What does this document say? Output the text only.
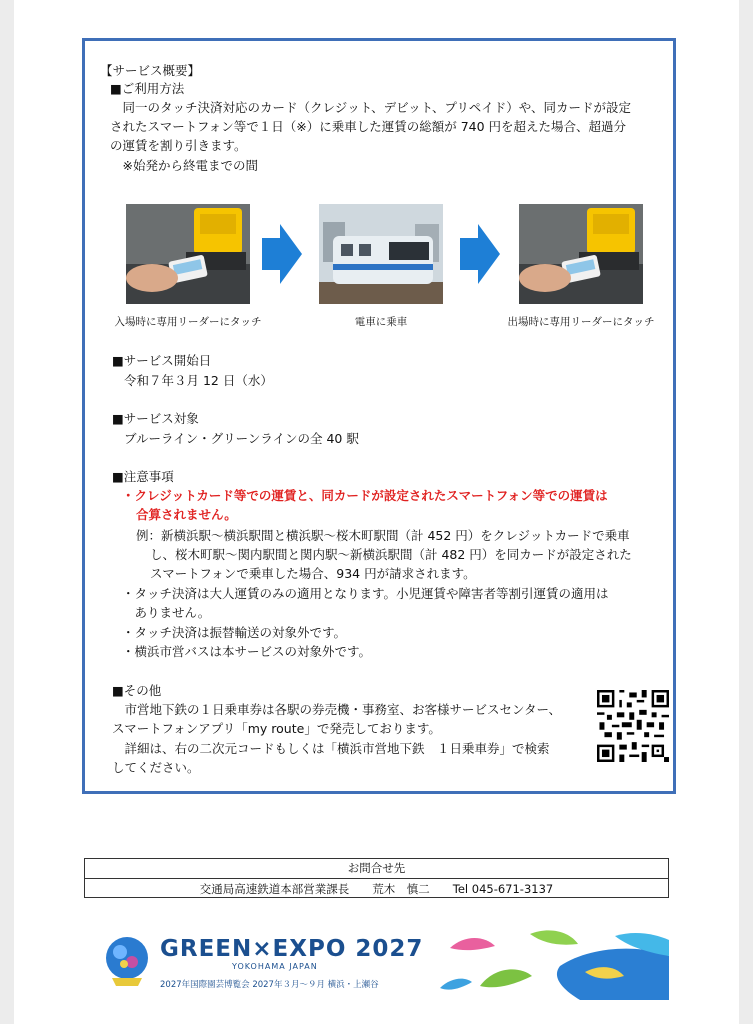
【サービス概要】
■ご利用方法
　同一のタッチ決済対応のカード（クレジット、デビット、プリペイド）や、同カードが設定
されたスマートフォン等で１日（※）に乗車した運賃の総額が 740 円を超えた場合、超過分
の運賃を割り引きます。
　※始発から終電までの間
入場時に専用リーダーにタッチ	電車に乗車	出場時に専用リーダーにタッチ
■サービス開始日
令和７年３月 12 日（水）
■サービス対象
ブルーライン・グリーンラインの全 40 駅
■注意事項
・クレジットカード等での運賃と、同カードが設定されたスマートフォン等での運賃は
合算されません。
例：新横浜駅～横浜駅間と横浜駅～桜木町駅間（計 452 円）をクレジットカードで乗車
し、桜木町駅～関内駅間と関内駅～新横浜駅間（計 482 円）を同カードが設定された
スマートフォンで乗車した場合、934 円が請求されます。
・タッチ決済は大人運賃のみの適用となります。小児運賃や障害者等割引運賃の適用は
　ありません。
・タッチ決済は振替輸送の対象外です。
・横浜市営バスは本サービスの対象外です。
■その他
　市営地下鉄の１日乗車券は各駅の券売機・事務室、お客様サービスセンター、
スマートフォンアプリ「my route」で発売しております。
　詳細は、右の二次元コードもしくは「横浜市営地下鉄　１日乗車券」で検索
してください。
お問合せ先
交通局高速鉄道本部営業課長　　荒木　慎二　　Tel 045-671-3137
GREEN×EXPO 2027
YOKOHAMA JAPAN
2027年国際園芸博覧会 2027年３月～９月 横浜・上瀬谷
